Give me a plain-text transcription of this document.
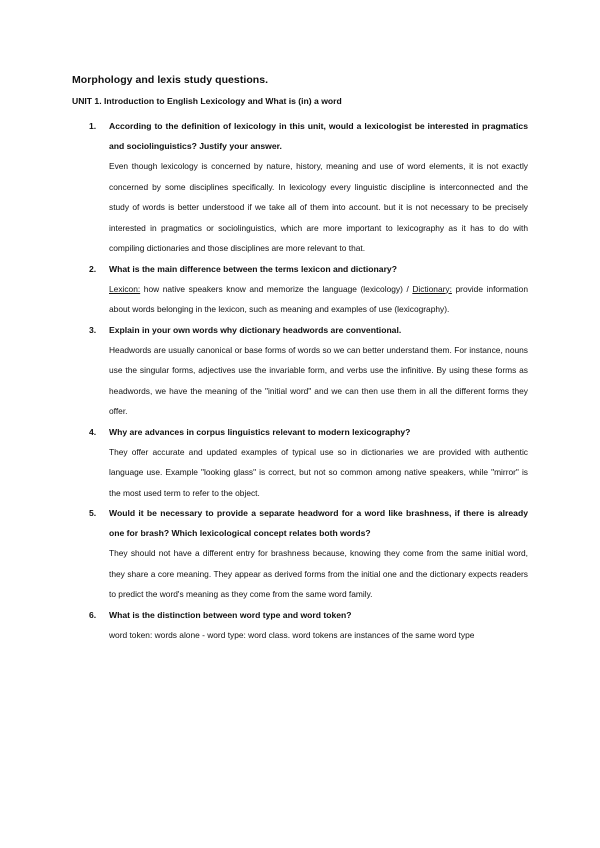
Morphology and lexis study questions.
UNIT 1. Introduction to English Lexicology and What is (in) a word
1. According to the definition of lexicology in this unit, would a lexicologist be interested in pragmatics and sociolinguistics? Justify your answer.

Even though lexicology is concerned by nature, history, meaning and use of word elements, it is not exactly concerned by some disciplines specifically. In lexicology every linguistic discipline is interconnected and the study of words is better understood if we take all of them into account. but it is not necessary to be precisely interested in pragmatics or sociolinguistics, which are more important to lexicography as it has to do with compiling dictionaries and those disciplines are more relevant to that.

2. What is the main difference between the terms lexicon and dictionary?

Lexicon: how native speakers know and memorize the language (lexicology) / Dictionary: provide information about words belonging in the lexicon, such as meaning and examples of use (lexicography).

3. Explain in your own words why dictionary headwords are conventional.

Headwords are usually canonical or base forms of words so we can better understand them. For instance, nouns use the singular forms, adjectives use the invariable form, and verbs use the infinitive. By using these forms as headwords, we have the meaning of the "initial word" and we can then use them in all the different forms they offer.

4. Why are advances in corpus linguistics relevant to modern lexicography?

They offer accurate and updated examples of typical use so in dictionaries we are provided with authentic language use. Example "looking glass" is correct, but not so common among native speakers, while "mirror" is the most used term to refer to the object.

5. Would it be necessary to provide a separate headword for a word like brashness, if there is already one for brash? Which lexicological concept relates both words?

They should not have a different entry for brashness because, knowing they come from the same initial word, they share a core meaning. They appear as derived forms from the initial one and the dictionary expects readers to predict the word's meaning as they come from the same word family.

6. What is the distinction between word type and word token?

word token: words alone - word type: word class. word tokens are instances of the same word type
